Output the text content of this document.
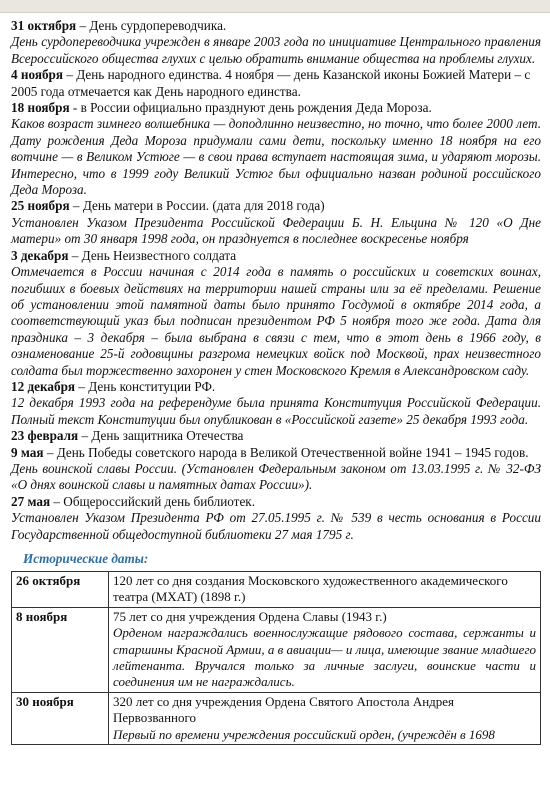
31 октября – День сурдопереводчика.

День сурдопереводчика учрежден в январе 2003 года по инициативе Центрального правления Всероссийского общества глухих с целью обратить внимание общества на проблемы глухих.

4 ноября – День народного единства. 4 ноября — день Казанской иконы Божией Матери – с 2005 года отмечается как День народного единства.

18 ноября - в России официально празднуют день рождения Деда Мороза.

Каков возраст зимнего волшебника — доподлинно неизвестно, но точно, что более 2000 лет. Дату рождения Деда Мороза придумали сами дети, поскольку именно 18 ноября на его вотчине — в Великом Устюге — в свои права вступает настоящая зима, и ударяют морозы. Интересно, что в 1999 году Великий Устюг был официально назван родиной российского Деда Мороза.

25 ноября – День матери в России. (дата для 2018 года)

Установлен Указом Президента Российской Федерации Б. Н. Ельцина № 120 «О Дне матери» от 30 января 1998 года, он празднуется в последнее воскресенье ноября

3 декабря – День Неизвестного солдата

Отмечается в России начиная с 2014 года в память о российских и советских воинах, погибших в боевых действиях на территории нашей страны или за её пределами. Решение об установлении этой памятной даты было принято Госдумой в октябре 2014 года, а соответствующий указ был подписан президентом РФ 5 ноября того же года. Дата для праздника – 3 декабря – была выбрана в связи с тем, что в этот день в 1966 году, в ознаменование 25-й годовщины разгрома немецких войск под Москвой, прах неизвестного солдата был торжественно захоронен у стен Московского Кремля в Александровском саду.

12 декабря – День конституции РФ.

12 декабря 1993 года на референдуме была принята Конституция Российской Федерации. Полный текст Конституции был опубликован в «Российской газете» 25 декабря 1993 года.

23 февраля – День защитника Отечества

9 мая – День Победы советского народа в Великой Отечественной войне 1941 – 1945 годов.

День воинской славы России. (Установлен Федеральным законом от 13.03.1995 г. № 32-ФЗ «О днях воинской славы и памятных датах России»).

27 мая – Общероссийский день библиотек.

Установлен Указом Президента РФ от 27.05.1995 г. № 539 в честь основания в России Государственной общедоступной библиотеки 27 мая 1795 г.

Исторические даты:
26 октября	120 лет со дня создания Московского художественного академического театра (МХАТ) (1898 г.)

8 ноября	75 лет со дня учреждения Ордена Славы (1943 г.)

Орденом награждались военнослужащие рядового состава, сержанты и старшины Красной Армии, а в авиации— и лица, имеющие звание младшего лейтенанта. Вручался только за личные заслуги, воинские части и соединения им не награждались.

30 ноября	320 лет со дня учреждения Ордена Святого Апостола Андрея Первозванного

Первый по времени учреждения российский орден, (учреждён в 1698
